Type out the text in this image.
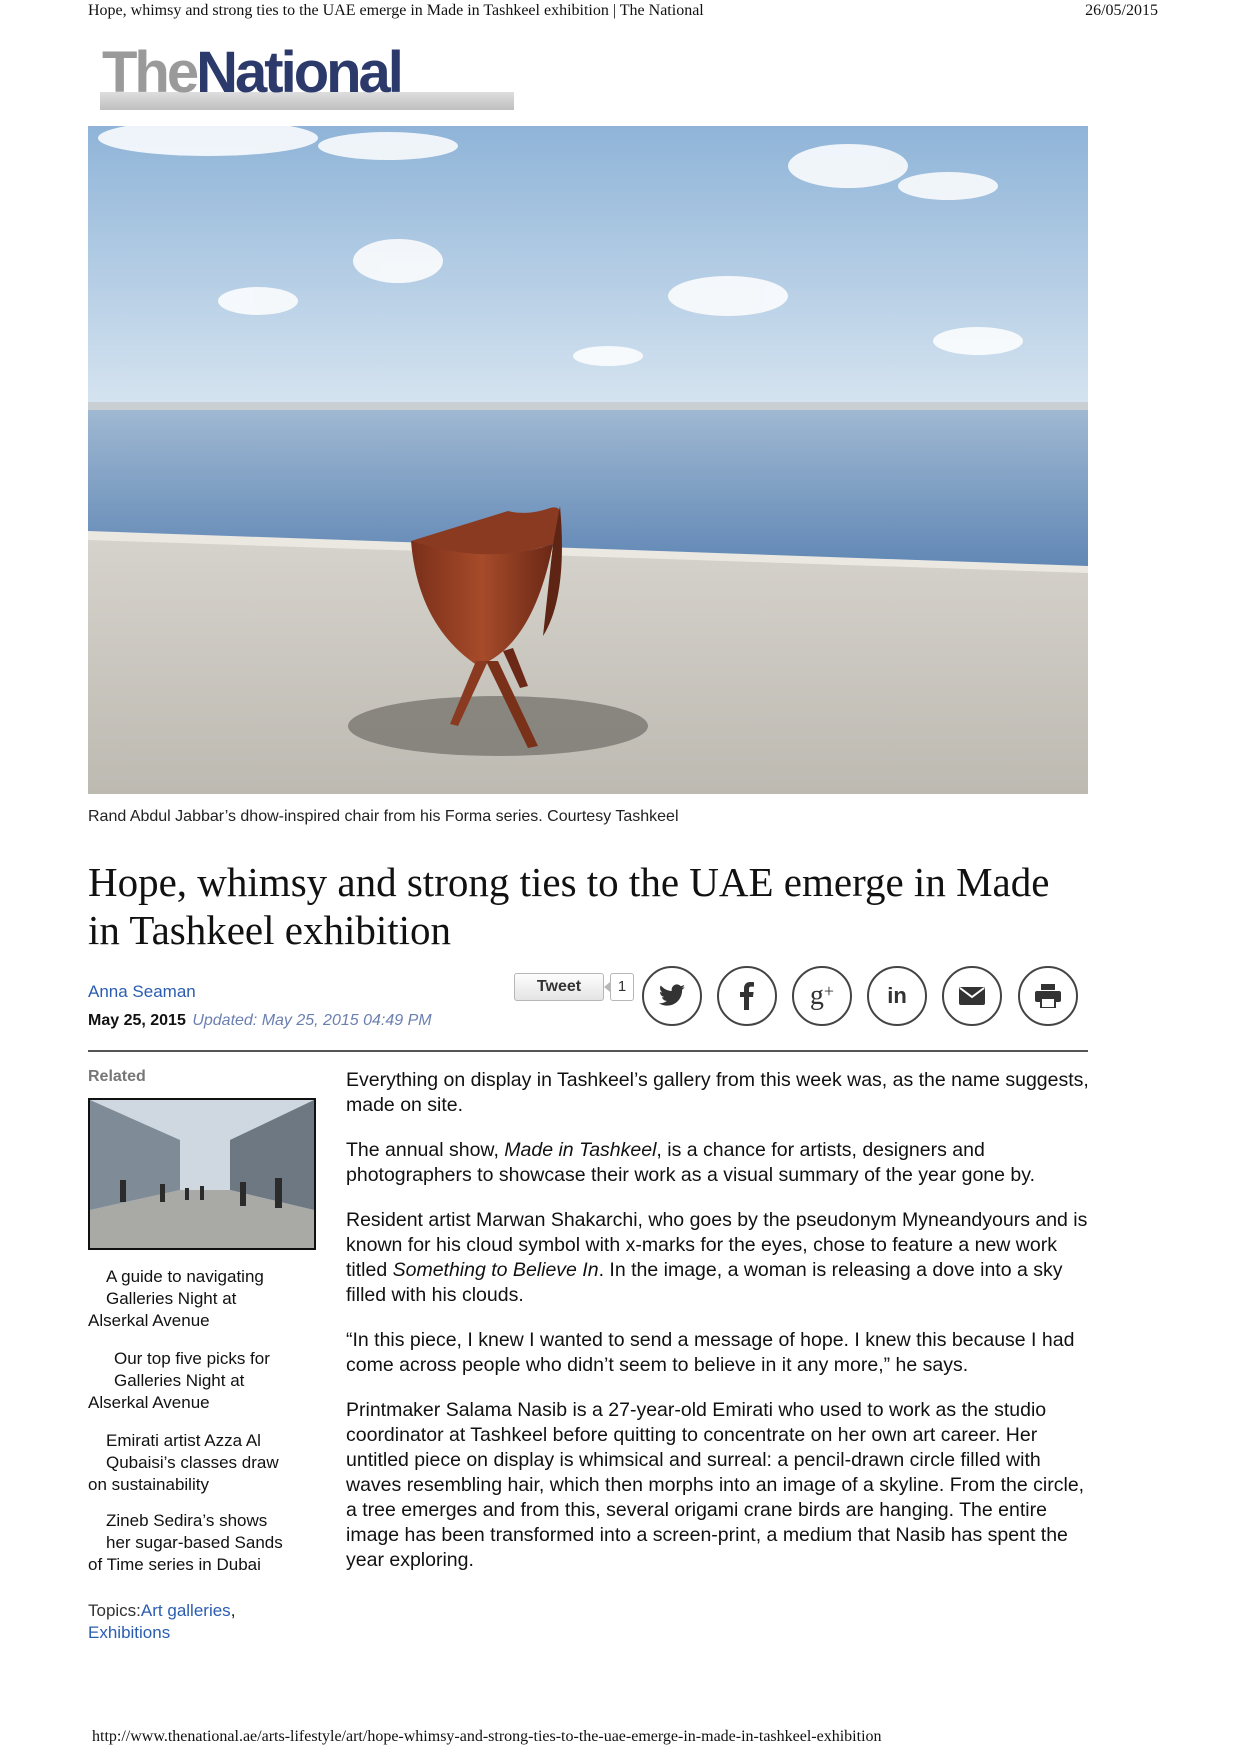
Hope, whimsy and strong ties to the UAE emerge in Made in Tashkeel exhibition | The National	26/05/2015
TheNational
Rand Abdul Jabbar’s dhow-inspired chair from his Forma series. Courtesy Tashkeel
Hope, whimsy and strong ties to the UAE emerge in Made in Tashkeel exhibition
Anna Seaman
May 25, 2015 Updated: May 25, 2015 04:49 PM
Tweet	1	g+ in
Related
A guide to navigating
Galleries Night at
Alserkal Avenue
Our top five picks for
Galleries Night at
Alserkal Avenue
Emirati artist Azza Al
Qubaisi’s classes draw
on sustainability
Zineb Sedira’s shows
her sugar-based Sands
of Time series in Dubai
Topics:Art galleries,
Exhibitions

Everything on display in Tashkeel’s gallery from this week was, as the name suggests, made on site.

The annual show, Made in Tashkeel, is a chance for artists, designers and photographers to showcase their work as a visual summary of the year gone by.

Resident artist Marwan Shakarchi, who goes by the pseudonym Myneandyours and is known for his cloud symbol with x-marks for the eyes, chose to feature a new work titled Something to Believe In. In the image, a woman is releasing a dove into a sky filled with his clouds.

“In this piece, I knew I wanted to send a message of hope. I knew this because I had come across people who didn’t seem to believe in it any more,” he says.

Printmaker Salama Nasib is a 27-year-old Emirati who used to work as the studio coordinator at Tashkeel before quitting to concentrate on her own art career. Her untitled piece on display is whimsical and surreal: a pencil-drawn circle filled with waves resembling hair, which then morphs into an image of a skyline. From the circle, a tree emerges and from this, several origami crane birds are hanging. The entire image has been transformed into a screen-print, a medium that Nasib has spent the year exploring.

http://www.thenational.ae/arts-lifestyle/art/hope-whimsy-and-strong-ties-to-the-uae-emerge-in-made-in-tashkeel-exhibition
